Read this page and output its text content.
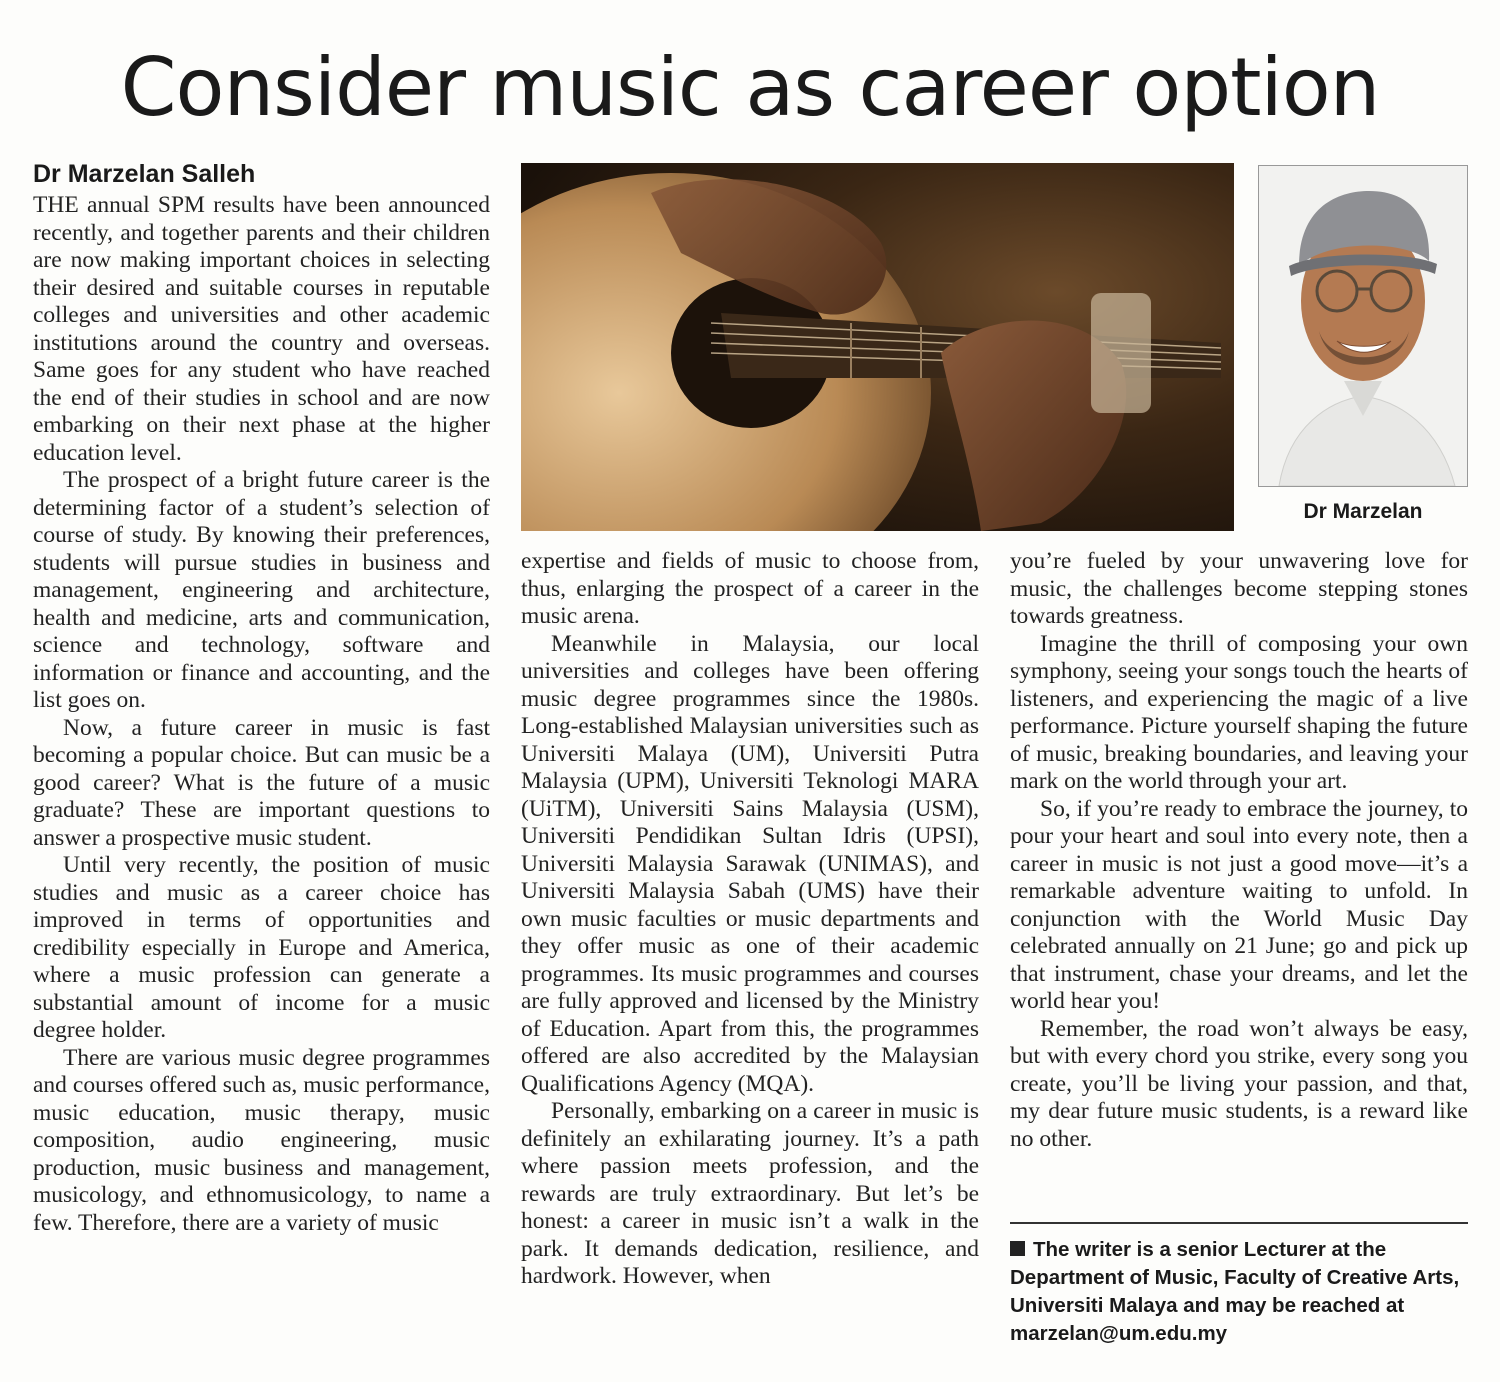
Consider music as career option
Dr Marzelan Salleh

THE annual SPM results have been announced recently, and together parents and their children are now making important choices in selecting their desired and suitable courses in reputable colleges and universities and other academic institutions around the country and overseas. Same goes for any student who have reached the end of their studies in school and are now embarking on their next phase at the higher education level.

The prospect of a bright future career is the determining factor of a student’s selection of course of study. By knowing their preferences, students will pursue studies in business and management, engineering and architecture, health and medicine, arts and communication, science and technology, software and information or finance and accounting, and the list goes on.

Now, a future career in music is fast becoming a popular choice. But can music be a good career? What is the future of a music graduate? These are important questions to answer a prospective music student.

Until very recently, the position of music studies and music as a career choice has improved in terms of opportunities and credibility especially in Europe and America, where a music profession can generate a substantial amount of income for a music degree holder.

There are various music degree programmes and courses offered such as, music performance, music education, music therapy, music composition, audio engineering, music production, music business and management, musicology, and ethnomusicology, to name a few. Therefore, there are a variety of music

Dr Marzelan

expertise and fields of music to choose from, thus, enlarging the prospect of a career in the music arena.

Meanwhile in Malaysia, our local universities and colleges have been offering music degree programmes since the 1980s. Long-established Malaysian universities such as Universiti Malaya (UM), Universiti Putra Malaysia (UPM), Universiti Teknologi MARA (UiTM), Universiti Sains Malaysia (USM), Universiti Pendidikan Sultan Idris (UPSI), Universiti Malaysia Sarawak (UNIMAS), and Universiti Malaysia Sabah (UMS) have their own music faculties or music departments and they offer music as one of their academic programmes. Its music programmes and courses are fully approved and licensed by the Ministry of Education. Apart from this, the programmes offered are also accredited by the Malaysian Qualifications Agency (MQA).

Personally, embarking on a career in music is definitely an exhilarating journey. It’s a path where passion meets profession, and the rewards are truly extraordinary. But let’s be honest: a career in music isn’t a walk in the park. It demands dedication, resilience, and hardwork. However, when

you’re fueled by your unwavering love for music, the challenges become stepping stones towards greatness.

Imagine the thrill of composing your own symphony, seeing your songs touch the hearts of listeners, and experiencing the magic of a live performance. Picture yourself shaping the future of music, breaking boundaries, and leaving your mark on the world through your art.

So, if you’re ready to embrace the journey, to pour your heart and soul into every note, then a career in music is not just a good move—it’s a remarkable adventure waiting to unfold. In conjunction with the World Music Day celebrated annually on 21 June; go and pick up that instrument, chase your dreams, and let the world hear you!

Remember, the road won’t always be easy, but with every chord you strike, every song you create, you’ll be living your passion, and that, my dear future music students, is a reward like no other.

The writer is a senior Lecturer at the Department of Music, Faculty of Creative Arts, Universiti Malaya and may be reached at marzelan@um.edu.my
